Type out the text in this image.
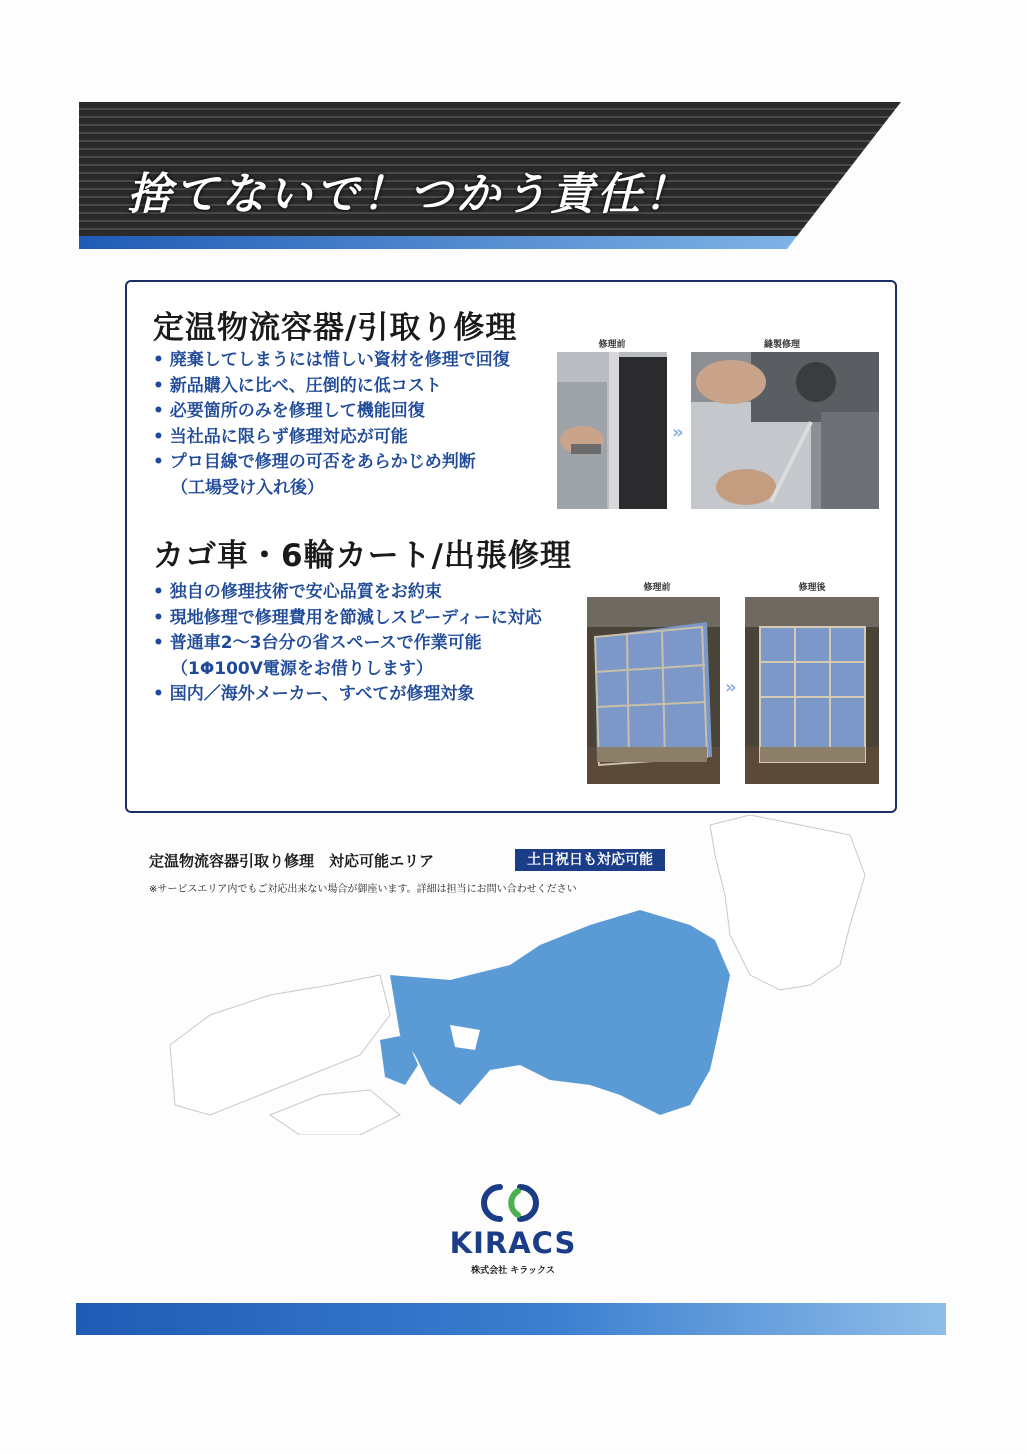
捨てないで！つかう責任！
定温物流容器/引取り修理
• 廃棄してしまうには惜しい資材を修理で回復
• 新品購入に比べ、圧倒的に低コスト
• 必要箇所のみを修理して機能回復
• 当社品に限らず修理対応が可能
• プロ目線で修理の可否をあらかじめ判断
（工場受け入れ後）
修理前
»
縫製修理
カゴ車・6輪カート/出張修理
• 独自の修理技術で安心品質をお約束
• 現地修理で修理費用を節減しスピーディーに対応
• 普通車2～3台分の省スペースで作業可能
（1Φ100V電源をお借りします）
• 国内／海外メーカー、すべてが修理対象
修理前
»
修理後
定温物流容器引取り修理　対応可能エリア	土日祝日も対応可能
※サービスエリア内でもご対応出来ない場合が御座います。詳細は担当にお問い合わせください
KIRACS
株式会社 キラックス
